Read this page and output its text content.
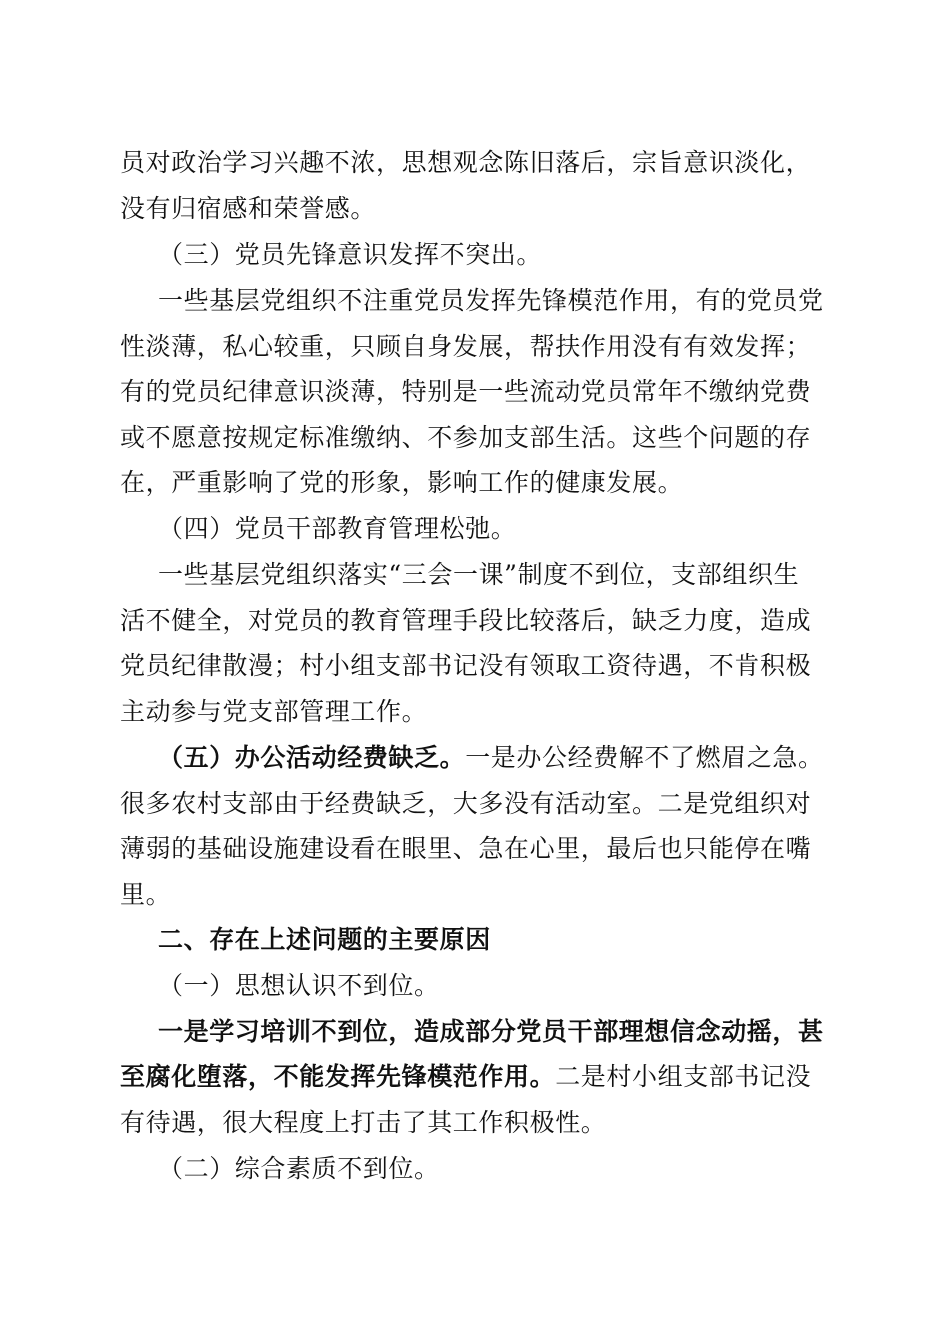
员对政治学习兴趣不浓，思想观念陈旧落后，宗旨意识淡化，
没有归宿感和荣誉感。
（三）党员先锋意识发挥不突出。
一些基层党组织不注重党员发挥先锋模范作用，有的党员党
性淡薄，私心较重，只顾自身发展，帮扶作用没有有效发挥；
有的党员纪律意识淡薄，特别是一些流动党员常年不缴纳党费
或不愿意按规定标准缴纳、不参加支部生活。这些个问题的存
在，严重影响了党的形象，影响工作的健康发展。
（四）党员干部教育管理松弛。
一些基层党组织落实“三会一课”制度不到位，支部组织生
活不健全，对党员的教育管理手段比较落后，缺乏力度，造成
党员纪律散漫；村小组支部书记没有领取工资待遇，不肯积极
主动参与党支部管理工作。
（五）办公活动经费缺乏。一是办公经费解不了燃眉之急。
很多农村支部由于经费缺乏，大多没有活动室。二是党组织对
薄弱的基础设施建设看在眼里、急在心里，最后也只能停在嘴
里。
二、存在上述问题的主要原因
（一）思想认识不到位。
一是学习培训不到位，造成部分党员干部理想信念动摇，甚
至腐化堕落，不能发挥先锋模范作用。二是村小组支部书记没
有待遇，很大程度上打击了其工作积极性。
（二）综合素质不到位。
